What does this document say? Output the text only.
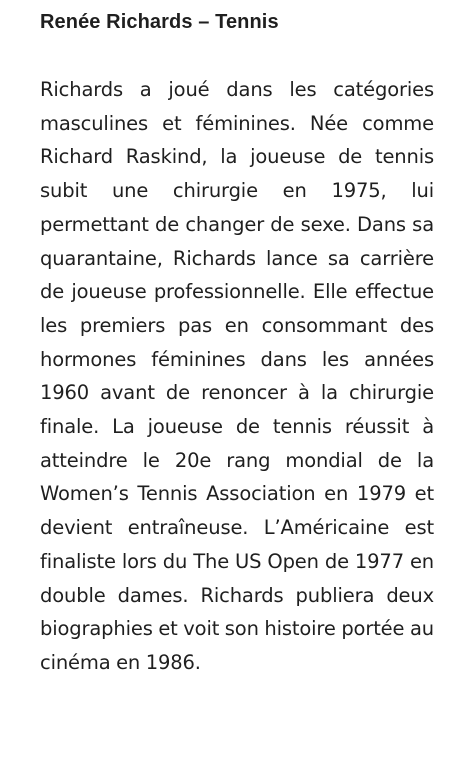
Renée Richards – Tennis

Richards a joué dans les catégories masculines et féminines. Née comme Richard Raskind, la joueuse de tennis subit une chirurgie en 1975, lui permettant de changer de sexe. Dans sa quarantaine, Richards lance sa carrière de joueuse professionnelle. Elle effectue les premiers pas en consommant des hormones féminines dans les années 1960 avant de renoncer à la chirurgie finale. La joueuse de tennis réussit à atteindre le 20e rang mondial de la Women’s Tennis Association en 1979 et devient entraîneuse. L’Américaine est finaliste lors du The US Open de 1977 en double dames. Richards publiera deux biographies et voit son histoire portée au cinéma en 1986.
